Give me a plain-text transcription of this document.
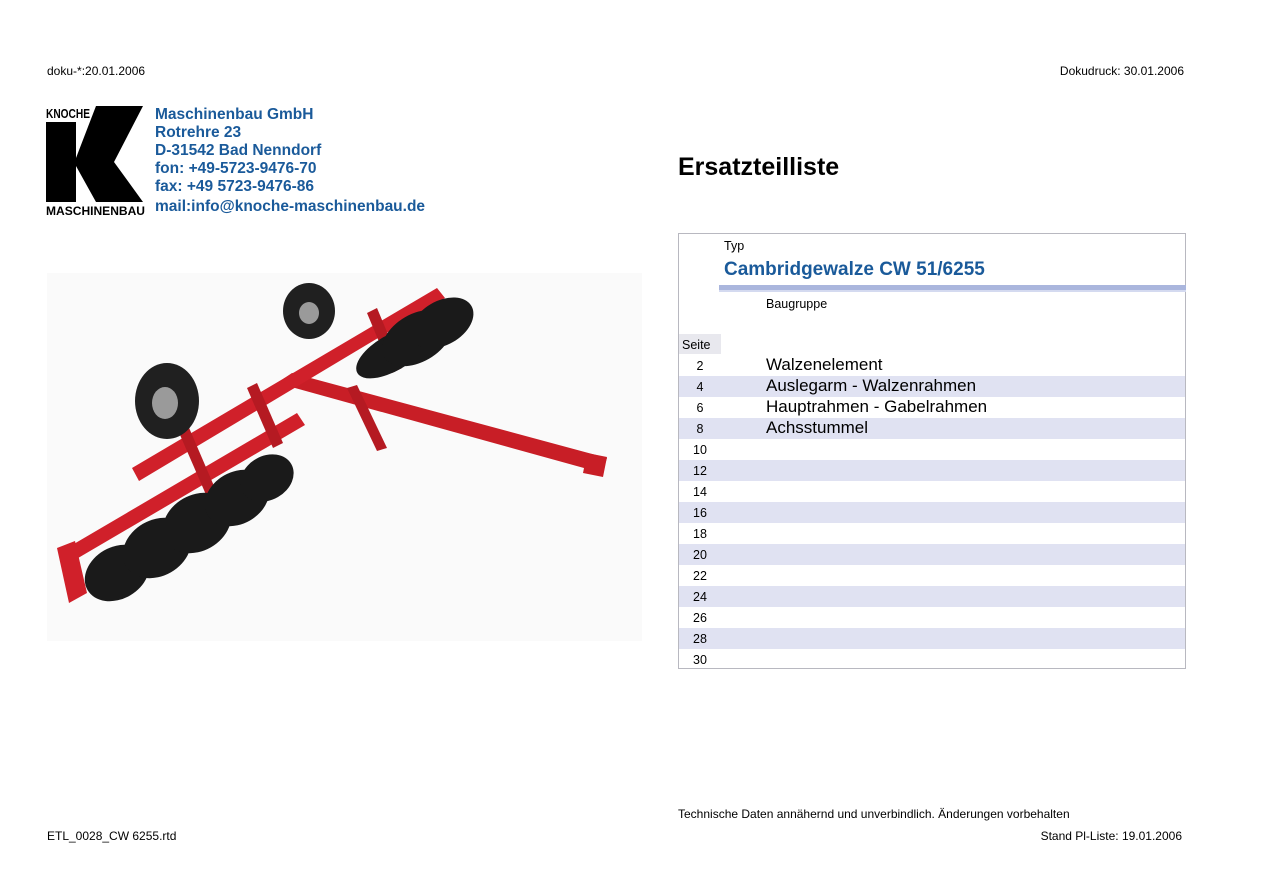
doku-*:20.01.2006	Dokudruck: 30.01.2006
KNOCHE
MASCHINENBAU
Maschinenbau GmbH
Rotrehre 23
D-31542 Bad Nenndorf
fon: +49-5723-9476-70
fax: +49 5723-9476-86
mail:info@knoche-maschinenbau.de
Ersatzteilliste
Typ
Cambridgewalze CW 51/6255
Baugruppe
Seite
2	Walzenelement
4	Auslegarm - Walzenrahmen
6	Hauptrahmen - Gabelrahmen
8	Achsstummel
10
12
14
16
18
20
22
24
26
28
30
Technische Daten annähernd und unverbindlich. Änderungen vorbehalten
ETL_0028_CW 6255.rtd	Stand Pl-Liste: 19.01.2006
